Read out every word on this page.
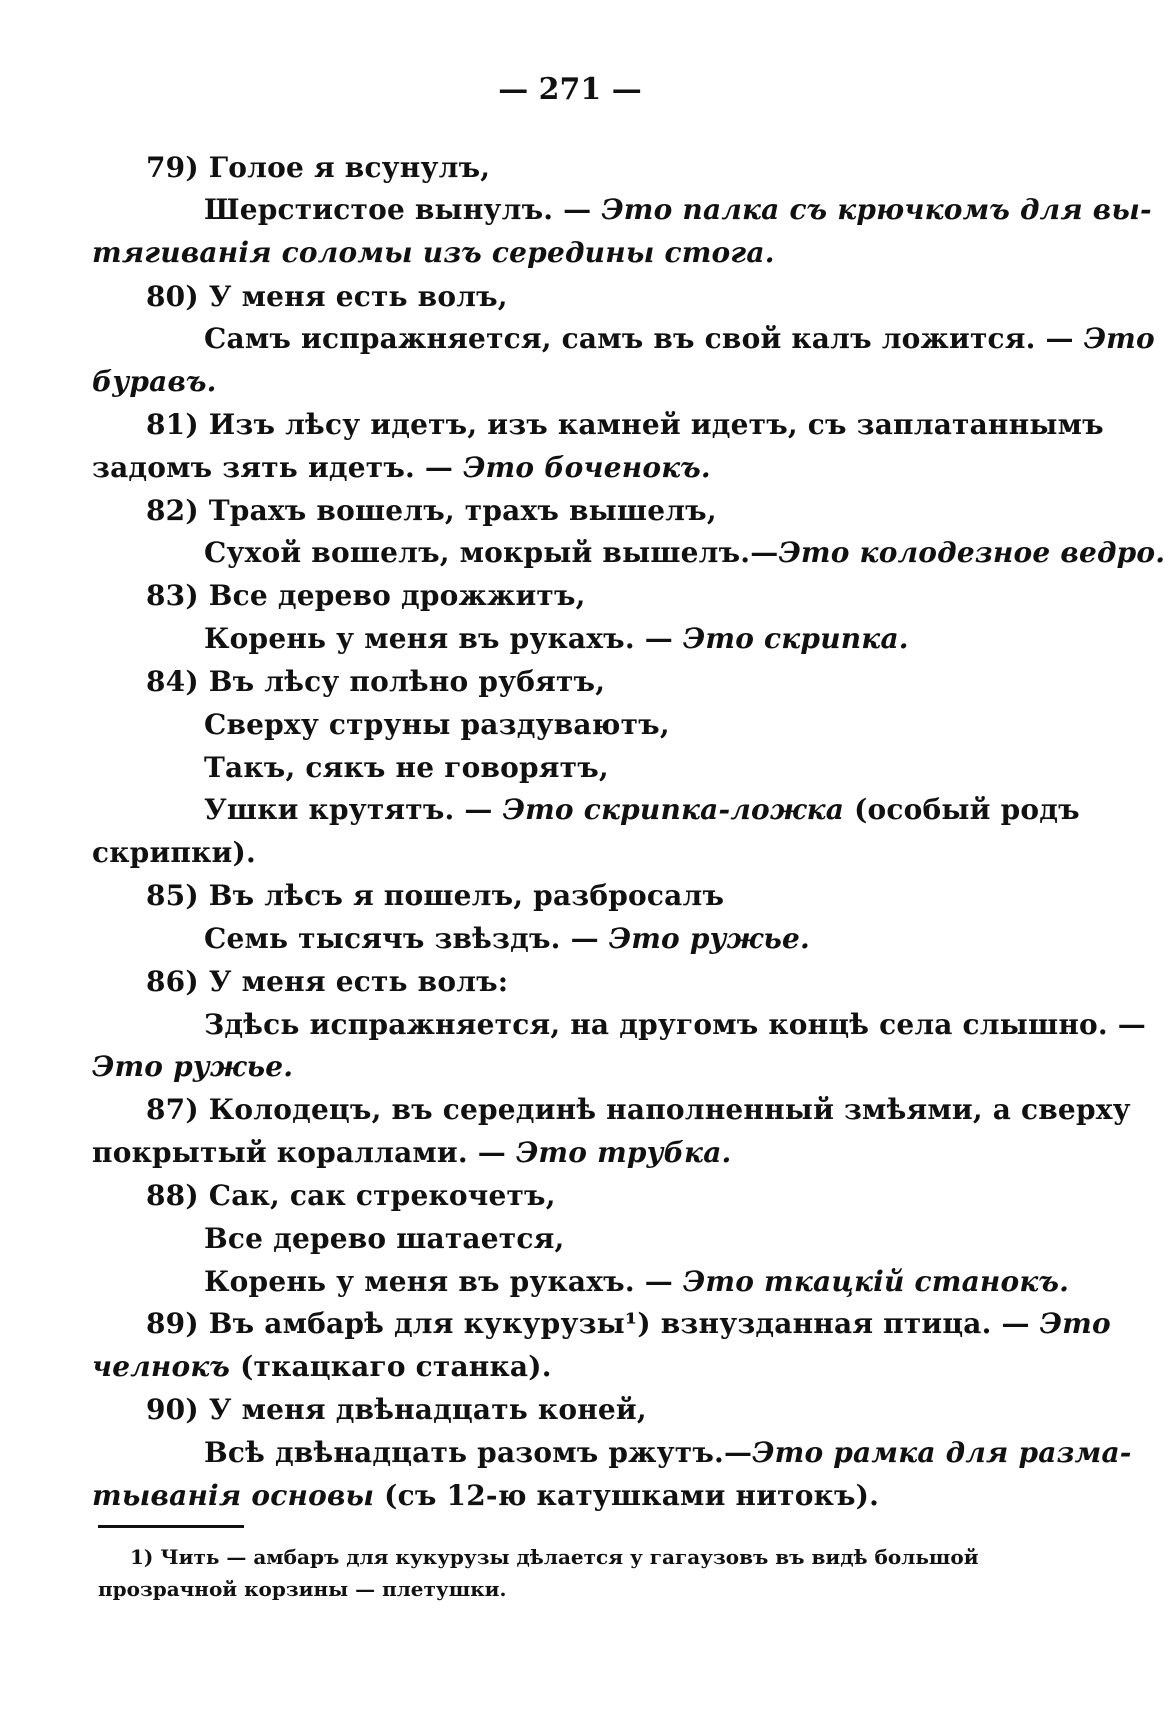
— 271 —
79) Голое я всунулъ,
Шерстистое вынулъ. — Это палка съ крючкомъ для вы-
тягиванія соломы изъ середины стога.
80) У меня есть волъ,
Самъ испражняется, самъ въ свой калъ ложится. — Это
буравъ.
81) Изъ лѣсу идетъ, изъ камней идетъ, съ заплатаннымъ
задомъ зять идетъ. — Это боченокъ.
82) Трахъ вошелъ, трахъ вышелъ,
Сухой вошелъ, мокрый вышелъ.—Это колодезное ведро.
83) Все дерево дрожжитъ,
Корень у меня въ рукахъ. — Это скрипка.
84) Въ лѣсу полѣно рубятъ,
Сверху струны раздуваютъ,
Такъ, сякъ не говорятъ,
Ушки крутятъ. — Это скрипка-ложка (особый родъ
скрипки).
85) Въ лѣсъ я пошелъ, разбросалъ
Семь тысячъ звѣздъ. — Это ружье.
86) У меня есть волъ:
Здѣсь испражняется, на другомъ концѣ села слышно. —
Это ружье.
87) Колодецъ, въ серединѣ наполненный змѣями, а сверху
покрытый кораллами. — Это трубка.
88) Сак, сак стрекочетъ,
Все дерево шатается,
Корень у меня въ рукахъ. — Это ткацкій станокъ.
89) Въ амбарѣ для кукурузы¹) взнузданная птица. — Это
челнокъ (ткацкаго станка).
90) У меня двѣнадцать коней,
Всѣ двѣнадцать разомъ ржутъ.—Это рамка для разма-
тыванія основы (съ 12-ю катушками нитокъ).
1) Чить — амбаръ для кукурузы дѣлается у гагаузовъ въ видѣ большой
прозрачной корзины — плетушки.
